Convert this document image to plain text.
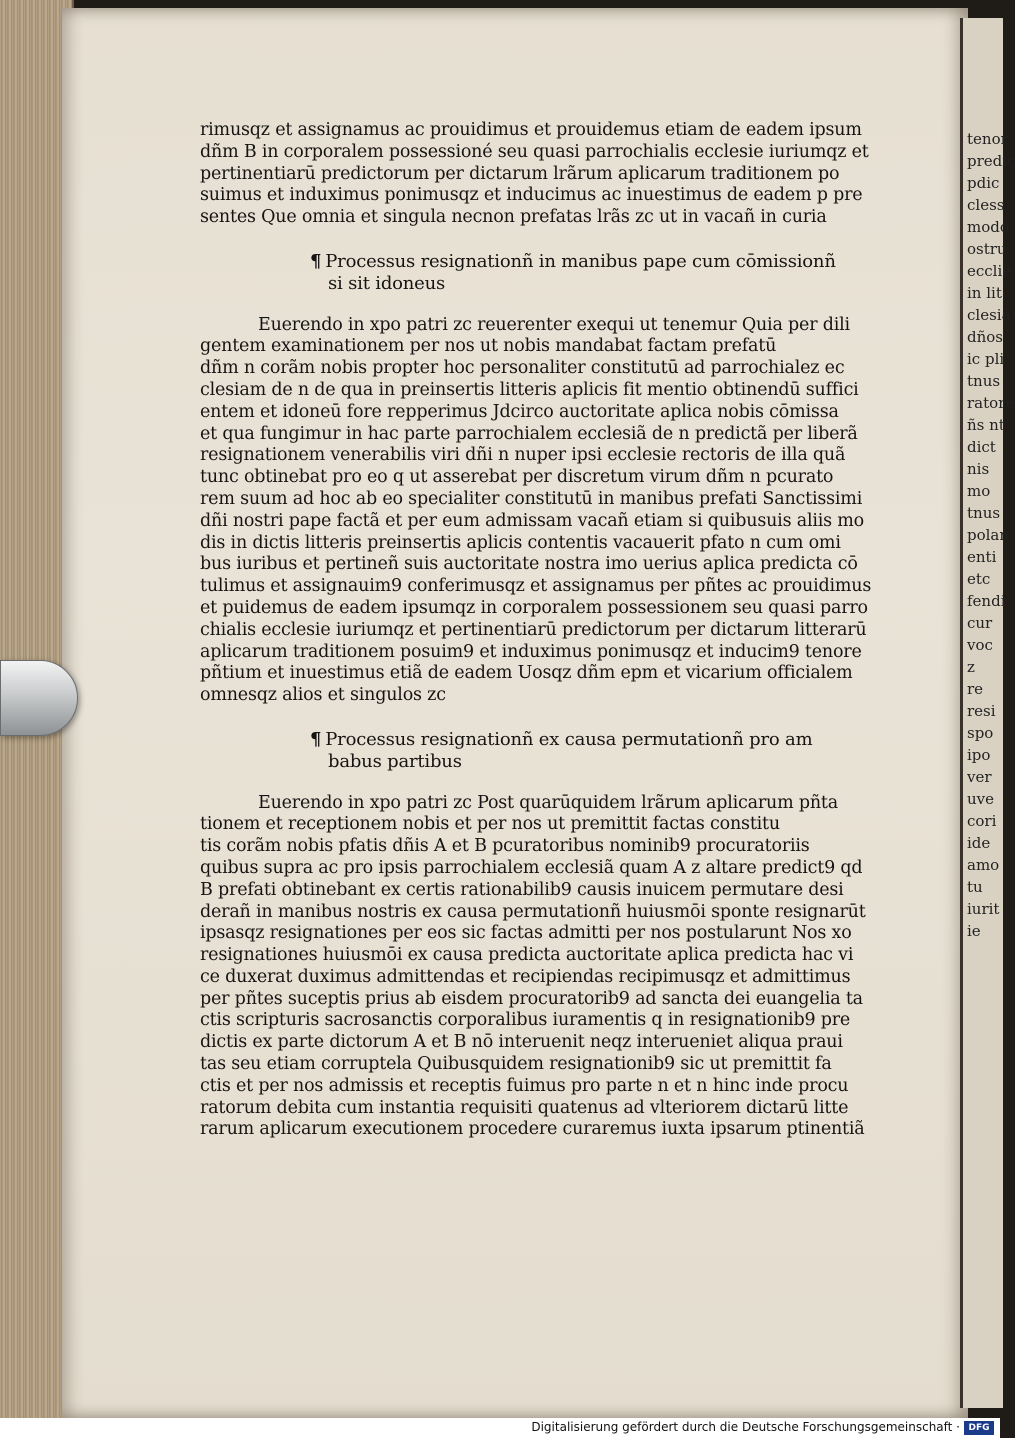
tenor
predic
pdic
cless
modo
ostru
ecclie
in lit
clesiã
dños
ic pli
tnus
ratore
ñs nt
dict
nis
mo
tnus
polan
enti
etc
fendi
cur
voc
z
re
resi
spo
ipo
ver
uve
cori
ide
amo
tu
iurit
ie
rimusqz et assignamus ac prouidimus et prouidemus etiam de eadem ipsum
dñm B in corporalem possessioné seu quasi parrochialis ecclesie iuriumqz et
pertinentiarū predictorum per dictarum lrãrum aplicarum traditionem po
suimus et induximus ponimusqz et inducimus ac inuestimus de eadem p pre
sentes Que omnia et singula necnon prefatas lrãs zc ut in vacañ in curia
¶ Processus resignationñ in manibus pape cum cōmissionñ
si sit idoneus
Euerendo in xpo patri zc reuerenter exequi ut tenemur Quia per dili
gentem examinationem per nos ut nobis mandabat factam prefatū
dñm n corãm nobis propter hoc personaliter constitutū ad parrochialez ec
clesiam de n de qua in preinsertis litteris aplicis fit mentio obtinendū suffici
entem et idoneū fore repperimus Jdcirco auctoritate aplica nobis cōmissa
et qua fungimur in hac parte parrochialem ecclesiã de n predictã per liberã
resignationem venerabilis viri dñi n nuper ipsi ecclesie rectoris de illa quã
tunc obtinebat pro eo q ut asserebat per discretum virum dñm n pcurato
rem suum ad hoc ab eo specialiter constitutū in manibus prefati Sanctissimi
dñi nostri pape factã et per eum admissam vacañ etiam si quibusuis aliis mo
dis in dictis litteris preinsertis aplicis contentis vacauerit pfato n cum omi
bus iuribus et pertineñ suis auctoritate nostra imo uerius aplica predicta cō
tulimus et assignauim9 conferimusqz et assignamus per pñtes ac prouidimus
et puidemus de eadem ipsumqz in corporalem possessionem seu quasi parro
chialis ecclesie iuriumqz et pertinentiarū predictorum per dictarum litterarū
aplicarum traditionem posuim9 et induximus ponimusqz et inducim9 tenore
pñtium et inuestimus etiã de eadem Uosqz dñm epm et vicarium officialem
omnesqz alios et singulos zc
¶ Processus resignationñ ex causa permutationñ pro am
babus partibus
Euerendo in xpo patri zc Post quarūquidem lrãrum aplicarum pñta
tionem et receptionem nobis et per nos ut premittit factas constitu
tis corãm nobis pfatis dñis A et B pcuratoribus nominib9 procuratoriis
quibus supra ac pro ipsis parrochialem ecclesiã quam A z altare predict9 qd
B prefati obtinebant ex certis rationabilib9 causis inuicem permutare desi
derañ in manibus nostris ex causa permutationñ huiusmōi sponte resignarūt
ipsasqz resignationes per eos sic factas admitti per nos postularunt Nos xo
resignationes huiusmōi ex causa predicta auctoritate aplica predicta hac vi
ce duxerat duximus admittendas et recipiendas recipimusqz et admittimus
per pñtes suceptis prius ab eisdem procuratorib9 ad sancta dei euangelia ta
ctis scripturis sacrosanctis corporalibus iuramentis q in resignationib9 pre
dictis ex parte dictorum A et B nō interuenit neqz interueniet aliqua praui
tas seu etiam corruptela Quibusquidem resignationib9 sic ut premittit fa
ctis et per nos admissis et receptis fuimus pro parte n et n hinc inde procu
ratorum debita cum instantia requisiti quatenus ad vlteriorem dictarū litte
rarum aplicarum executionem procedere curaremus iuxta ipsarum ptinentiã
Digitalisierung gefördert durch die Deutsche Forschungsgemeinschaft · DFG
